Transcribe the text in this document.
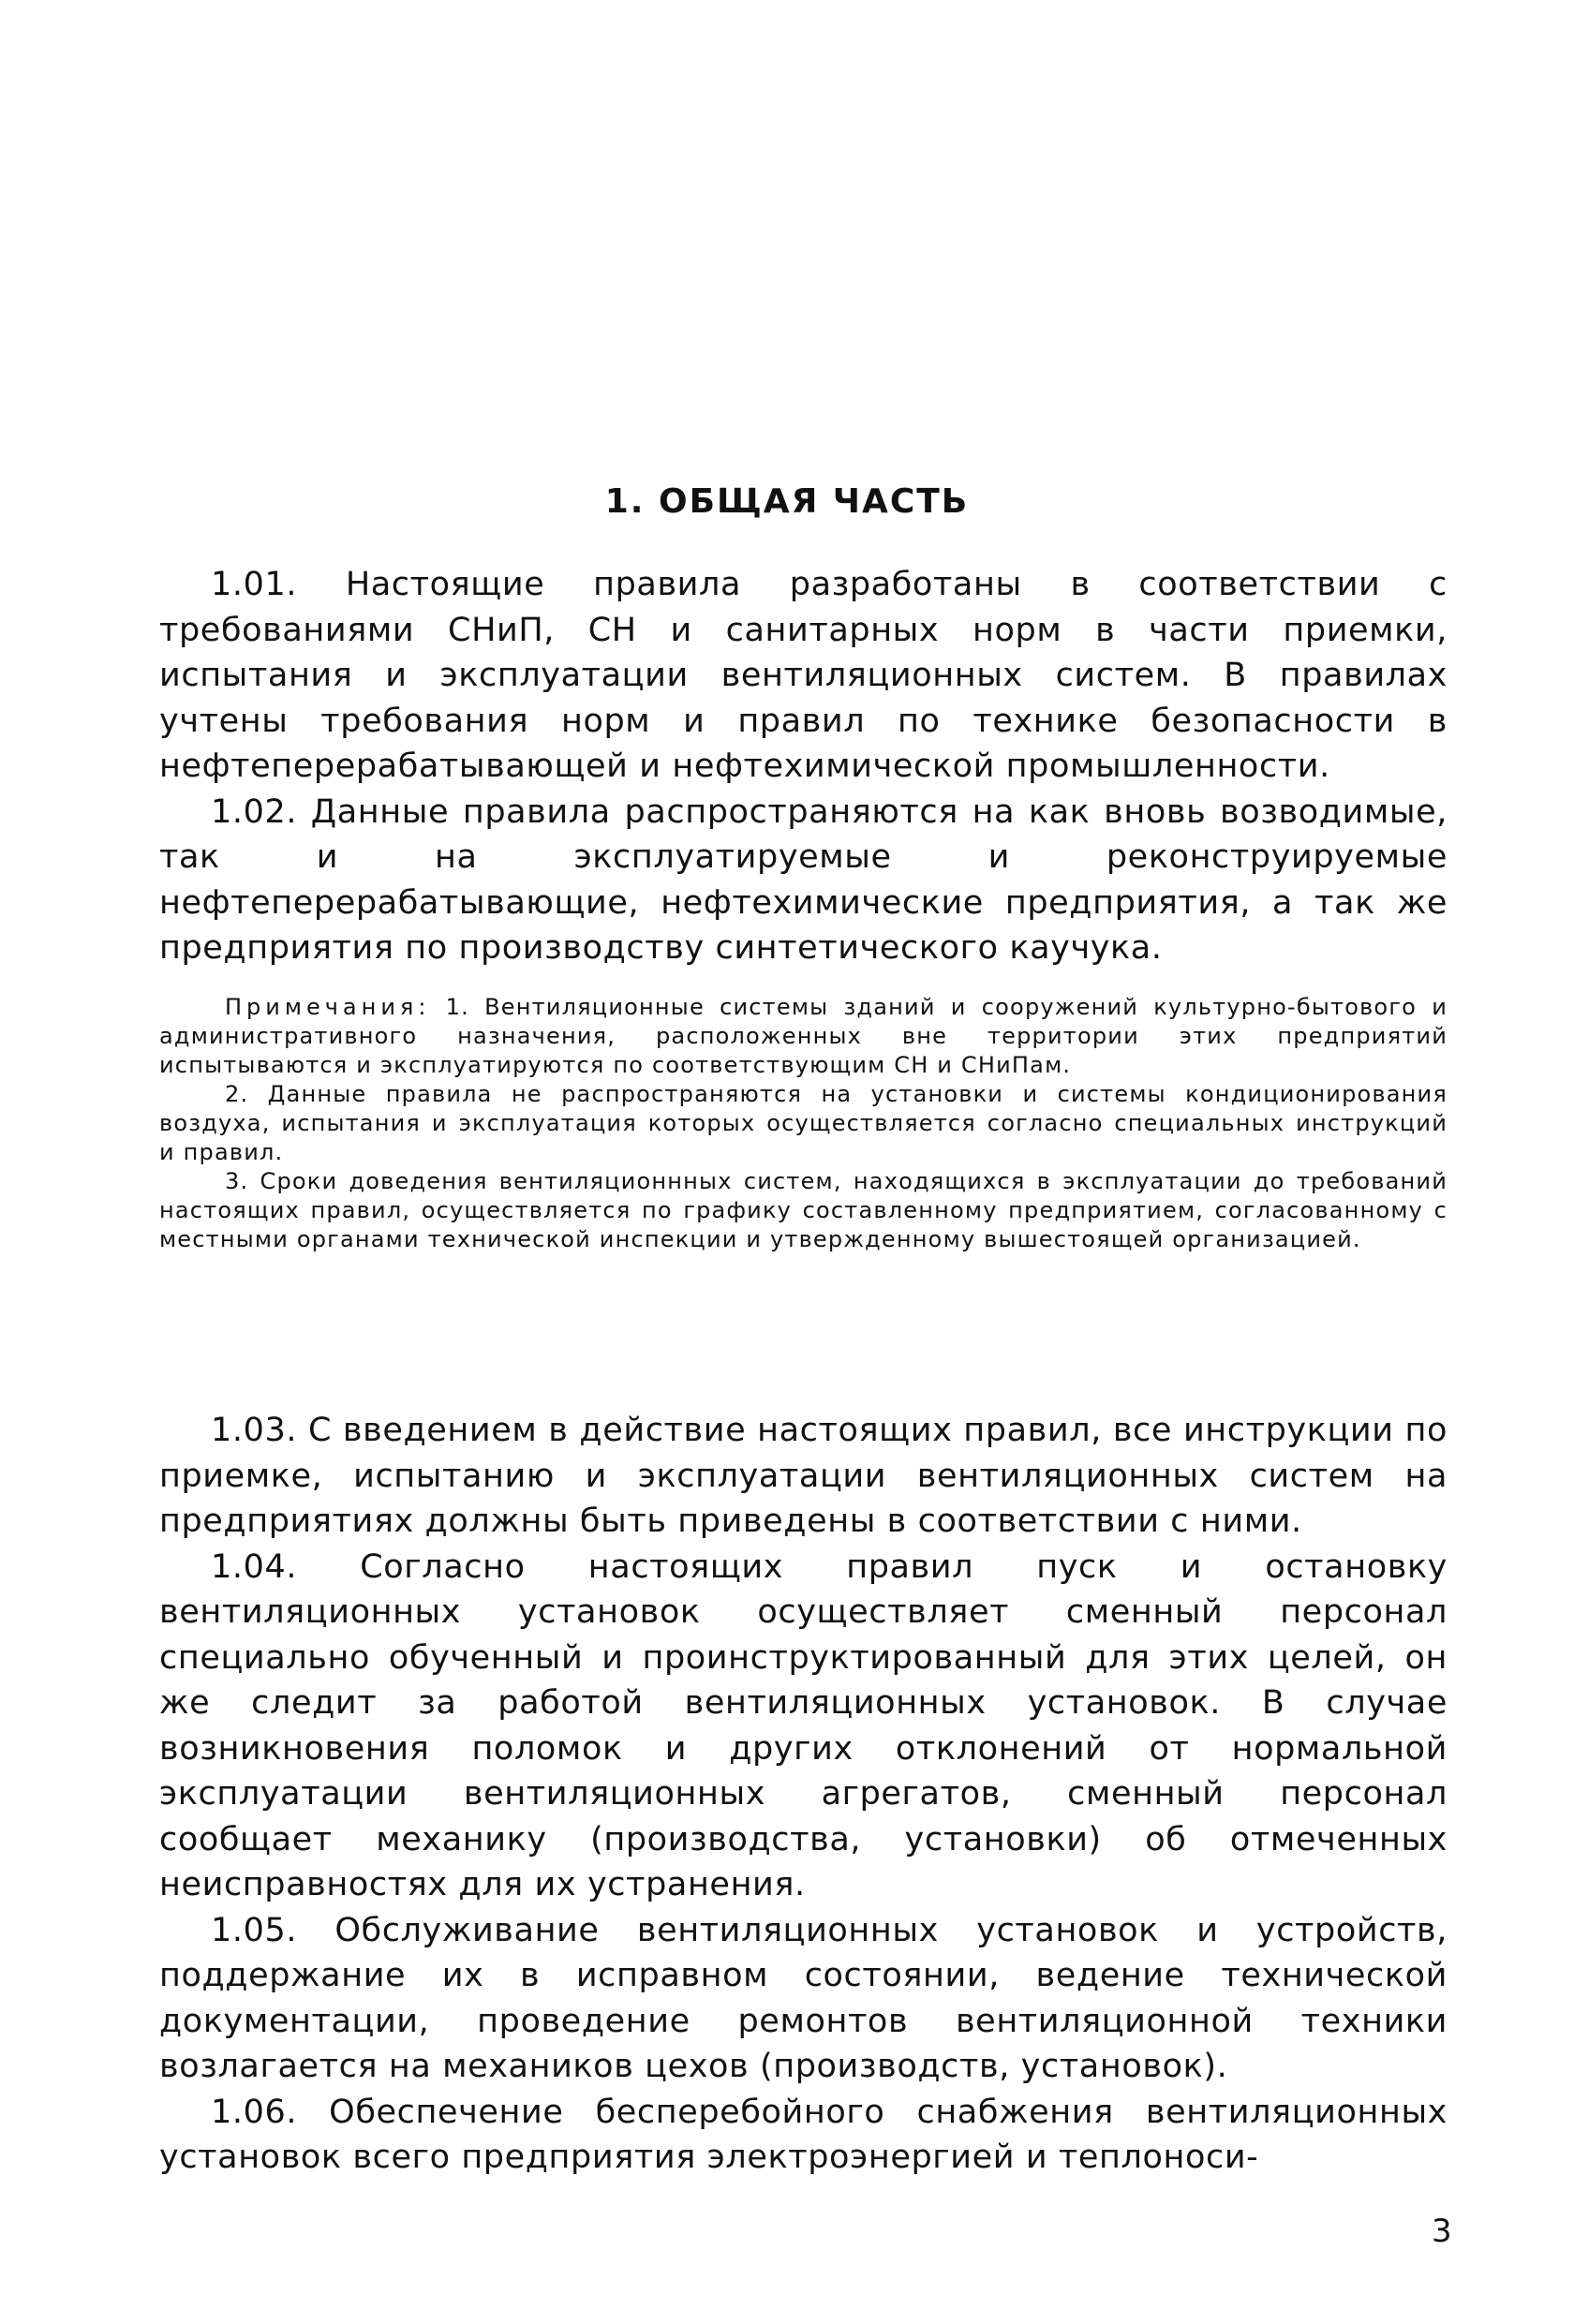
1. ОБЩАЯ ЧАСТЬ

1.01. Настоящие правила разработаны в соответствии с требованиями СНиП, СН и санитарных норм в части приемки, испытания и эксплуатации вентиляционных систем. В правилах учтены требования норм и правил по технике безопасности в нефтеперерабатывающей и нефтехимической промышленности.

1.02. Данные правила распространяются на как вновь возводимые, так и на эксплуатируемые и реконструируемые нефтеперерабатывающие, нефтехимические предприятия, а так же предприятия по производству синтетического каучука.

Примечания: 1. Вентиляционные системы зданий и сооружений культурно-бытового и административного назначения, расположенных вне территории этих предприятий испытываются и эксплуатируются по соответствующим СН и СНиПам.

2. Данные правила не распространяются на установки и системы кондиционирования воздуха, испытания и эксплуатация которых осуществляется согласно специальных инструкций и правил.

3. Сроки доведения вентиляционнных систем, находящихся в эксплуатации до требований настоящих правил, осуществляется по графику составленному предприятием, согласованному с местными органами технической инспекции и утвержденному вышестоящей организацией.

1.03. С введением в действие настоящих правил, все инструкции по приемке, испытанию и эксплуатации вентиляционных систем на предприятиях должны быть приведены в соответствии с ними.

1.04. Согласно настоящих правил пуск и остановку вентиляционных установок осуществляет сменный персонал специально обученный и проинструктированный для этих целей, он же следит за работой вентиляционных установок. В случае возникновения поломок и других отклонений от нормальной эксплуатации вентиляционных агрегатов, сменный персонал сообщает механику (производства, установки) об отмеченных неисправностях для их устранения.

1.05. Обслуживание вентиляционных установок и устройств, поддержание их в исправном состоянии, ведение технической документации, проведение ремонтов вентиляционной техники возлагается на механиков цехов (производств, установок).

1.06. Обеспечение бесперебойного снабжения вентиляционных установок всего предприятия электроэнергией и теплоноси-

3
